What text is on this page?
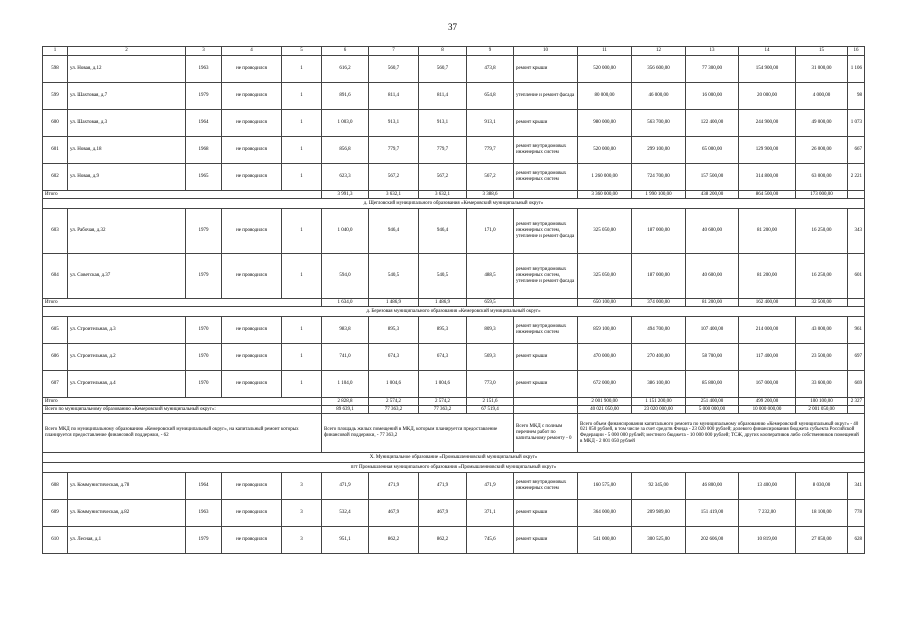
37
1	2	3	4	5	6	7	8	9	10	11	12	13	14	15	16
598	ул. Новая, д.12	1963	не проводился	1	616,2	560,7	560,7	473,8	ремонт крыши	520 000,00	356 600,00	77 300,00	154 900,00	31 000,00	1 106
599	ул. Шахтовая, д.7	1979	не проводился	1	891,6	811,4	811,4	654,8	утепление и ремонт фасада	80 000,00	46 000,00	16 000,00	20 000,00	4 000,00	98
600	ул. Шахтовая, д.3	1964	не проводился	1	1 003,0	913,1	913,1	913,1	ремонт крыши	980 000,00	563 700,00	122 400,00	244 900,00	49 000,00	1 073
601	ул. Новая, д.18	1968	не проводился	1	856,8	779,7	779,7	779,7	ремонт внутридомовых инженерных систем	520 000,00	299 100,00	65 000,00	129 900,00	26 000,00	667
602	ул. Новая, д.9	1965	не проводился	1	623,3	567,2	567,2	567,2	ремонт внутридомовых инженерных систем	1 260 000,00	724 700,00	157 500,00	314 800,00	63 000,00	2 221
Итого					3 991,3	3 632,1	3 632,1	3 388,6		3 360 000,00	1 990 100,00	438 200,00	864 500,00	173 000,00	
д. Щегловский муниципального образования «Кемеровский муниципальный округ»															
603	ул. Рабочая, д.32	1979	не проводился	1	1 040,0	946,4	946,4	171,0	ремонт внутридомовых инженерных систем, утепление и ремонт фасада	325 050,00	187 000,00	40 600,00	81 200,00	16 250,00	343
604	ул. Советская, д.37	1979	не проводился	1	594,0	540,5	540,5	488,5	ремонт внутридомовых инженерных систем, утепление и ремонт фасада	325 050,00	187 000,00	40 600,00	81 200,00	16 250,00	601
Итого					1 634,0	1 486,9	1 486,9	659,5		650 100,00	374 000,00	81 200,00	162 400,00	32 500,00	
д. Березовая муниципального образования «Кемеровский муниципальный округ»															
605	ул. Строительная, д.3	1970	не проводился	1	983,8	895,3	895,3	809,3	ремонт внутридомовых инженерных систем	859 100,00	494 700,00	107 400,00	214 000,00	43 000,00	961
606	ул. Строительная, д.2	1970	не проводился	1	741,0	674,3	674,3	569,3	ремонт крыши	470 000,00	270 400,00	58 700,00	117 400,00	23 500,00	697
607	ул. Строительная, д.4	1970	не проводился	1	1 104,0	1 004,6	1 004,6	773,0	ремонт крыши	672 000,00	386 100,00	85 800,00	167 000,00	33 600,00	669
Итого					2 828,8	2 574,2	2 574,2	2 151,6		2 001 900,00	1 151 200,00	251 400,00	499 200,00	100 100,00	2 327
Всего по муниципальному образованию «Кемеровский муниципальный округ»:					89 639,1	77 363,2	77 363,2	67 519,4		40 021 050,00	23 020 000,00	5 000 000,00	10 000 000,00	2 001 050,00	
Всего МКД по муниципальному образованию «Кемеровский муниципальный округ», на капитальный ремонт которых планируется предоставление финансовой поддержки, - 62					Всего площадь жилых помещений в МКД, которым планируется предоставление финансовой поддержки, - 77 363,2				Всего МКД с полным перечнем работ по капитальному ремонту - 0	Всего объем финансирования капитального ремонта по муниципальному образованию «Кемеровский муниципальный округ» - 40 021 050 рублей, в том числе за счет средств Фонда - 23 020 000 рублей; долевого финансирования бюджета субъекта Российской Федерации - 5 000 000 рублей; местного бюджета - 10 000 000 рублей; ТСЖ, других кооперативов либо собственников помещений в МКД - 2 001 050 рублей					
X. Муниципальное образование «Промышленновский муниципальный округ»															
пгт Промышленная муниципального образования «Промышленновский муниципальный округ»															
608	ул. Коммунистическая, д.78	1964	не проводился	3	471,9	471,9	471,9	471,9	ремонт внутридомовых инженерных систем	160 575,00	92 345,00	46 800,00	13 400,00	8 030,00	341
609	ул. Коммунистическая, д.82	1963	не проводился	3	532,4	467,9	467,9	371,1	ремонт крыши	364 000,00	209 989,00	151 419,00	7 232,00	18 100,00	778
610	ул. Лесная, д.1	1979	не проводился	3	951,1	862,2	862,2	745,6	ремонт крыши	541 000,00	300 525,00	202 606,00	10 819,00	27 050,00	628
